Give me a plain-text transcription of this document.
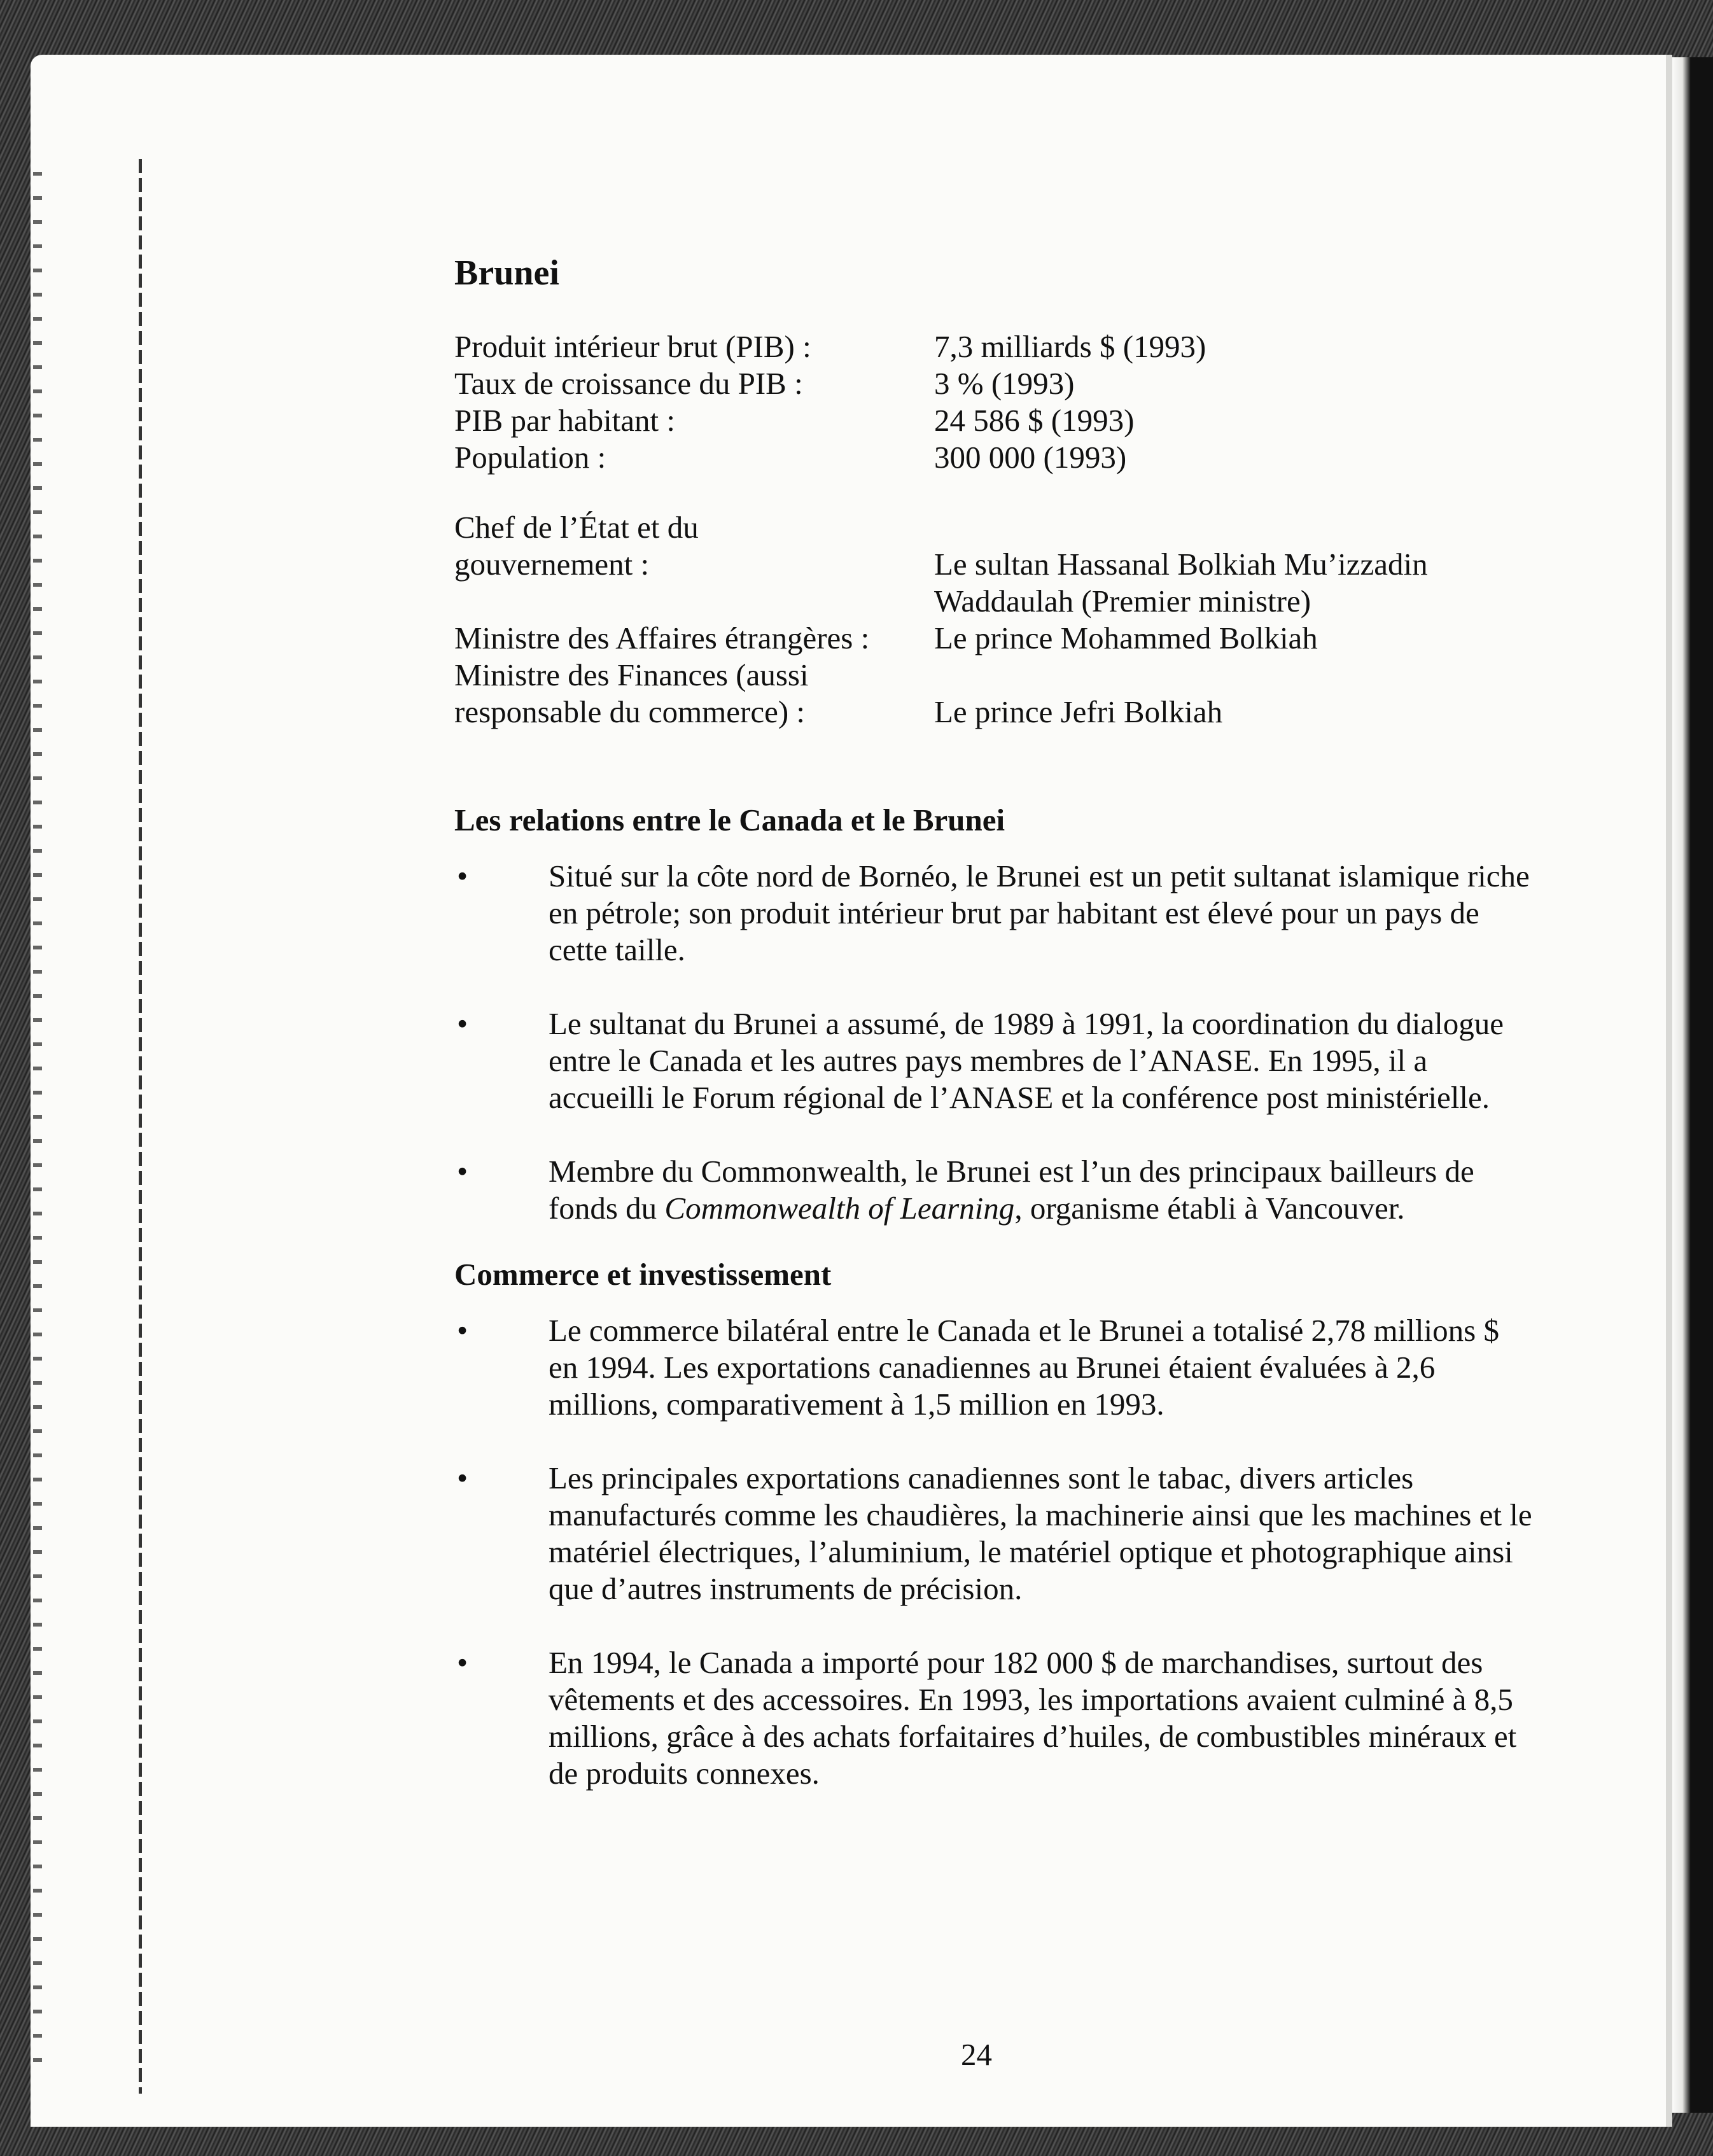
Brunei
Produit intérieur brut (PIB) :	7,3 milliards $ (1993)
Taux de croissance du PIB :	3 % (1993)
PIB par habitant :	24 586 $ (1993)
Population :	300 000 (1993)

Chef de l’État et du	
gouvernement :	Le sultan Hassanal Bolkiah Mu’izzadin
	Waddaulah (Premier ministre)
Ministre des Affaires étrangères :	Le prince Mohammed Bolkiah
Ministre des Finances (aussi	
responsable du commerce) :	Le prince Jefri Bolkiah
Les relations entre le Canada et le Brunei
•	Situé sur la côte nord de Bornéo, le Brunei est un petit sultanat islamique riche en pétrole; son produit intérieur brut par habitant est élevé pour un pays de cette taille.
•	Le sultanat du Brunei a assumé, de 1989 à 1991, la coordination du dialogue entre le Canada et les autres pays membres de l’ANASE. En 1995, il a accueilli le Forum régional de l’ANASE et la conférence post ministérielle.
•	Membre du Commonwealth, le Brunei est l’un des principaux bailleurs de fonds du Commonwealth of Learning, organisme établi à Vancouver.
Commerce et investissement
•	Le commerce bilatéral entre le Canada et le Brunei a totalisé 2,78 millions $ en 1994. Les exportations canadiennes au Brunei étaient évaluées à 2,6 millions, comparativement à 1,5 million en 1993.
•	Les principales exportations canadiennes sont le tabac, divers articles manufacturés comme les chaudières, la machinerie ainsi que les machines et le matériel électriques, l’aluminium, le matériel optique et photographique ainsi que d’autres instruments de précision.
•	En 1994, le Canada a importé pour 182 000 $ de marchandises, surtout des vêtements et des accessoires. En 1993, les importations avaient culminé à 8,5 millions, grâce à des achats forfaitaires d’huiles, de combustibles minéraux et de produits connexes.
24
